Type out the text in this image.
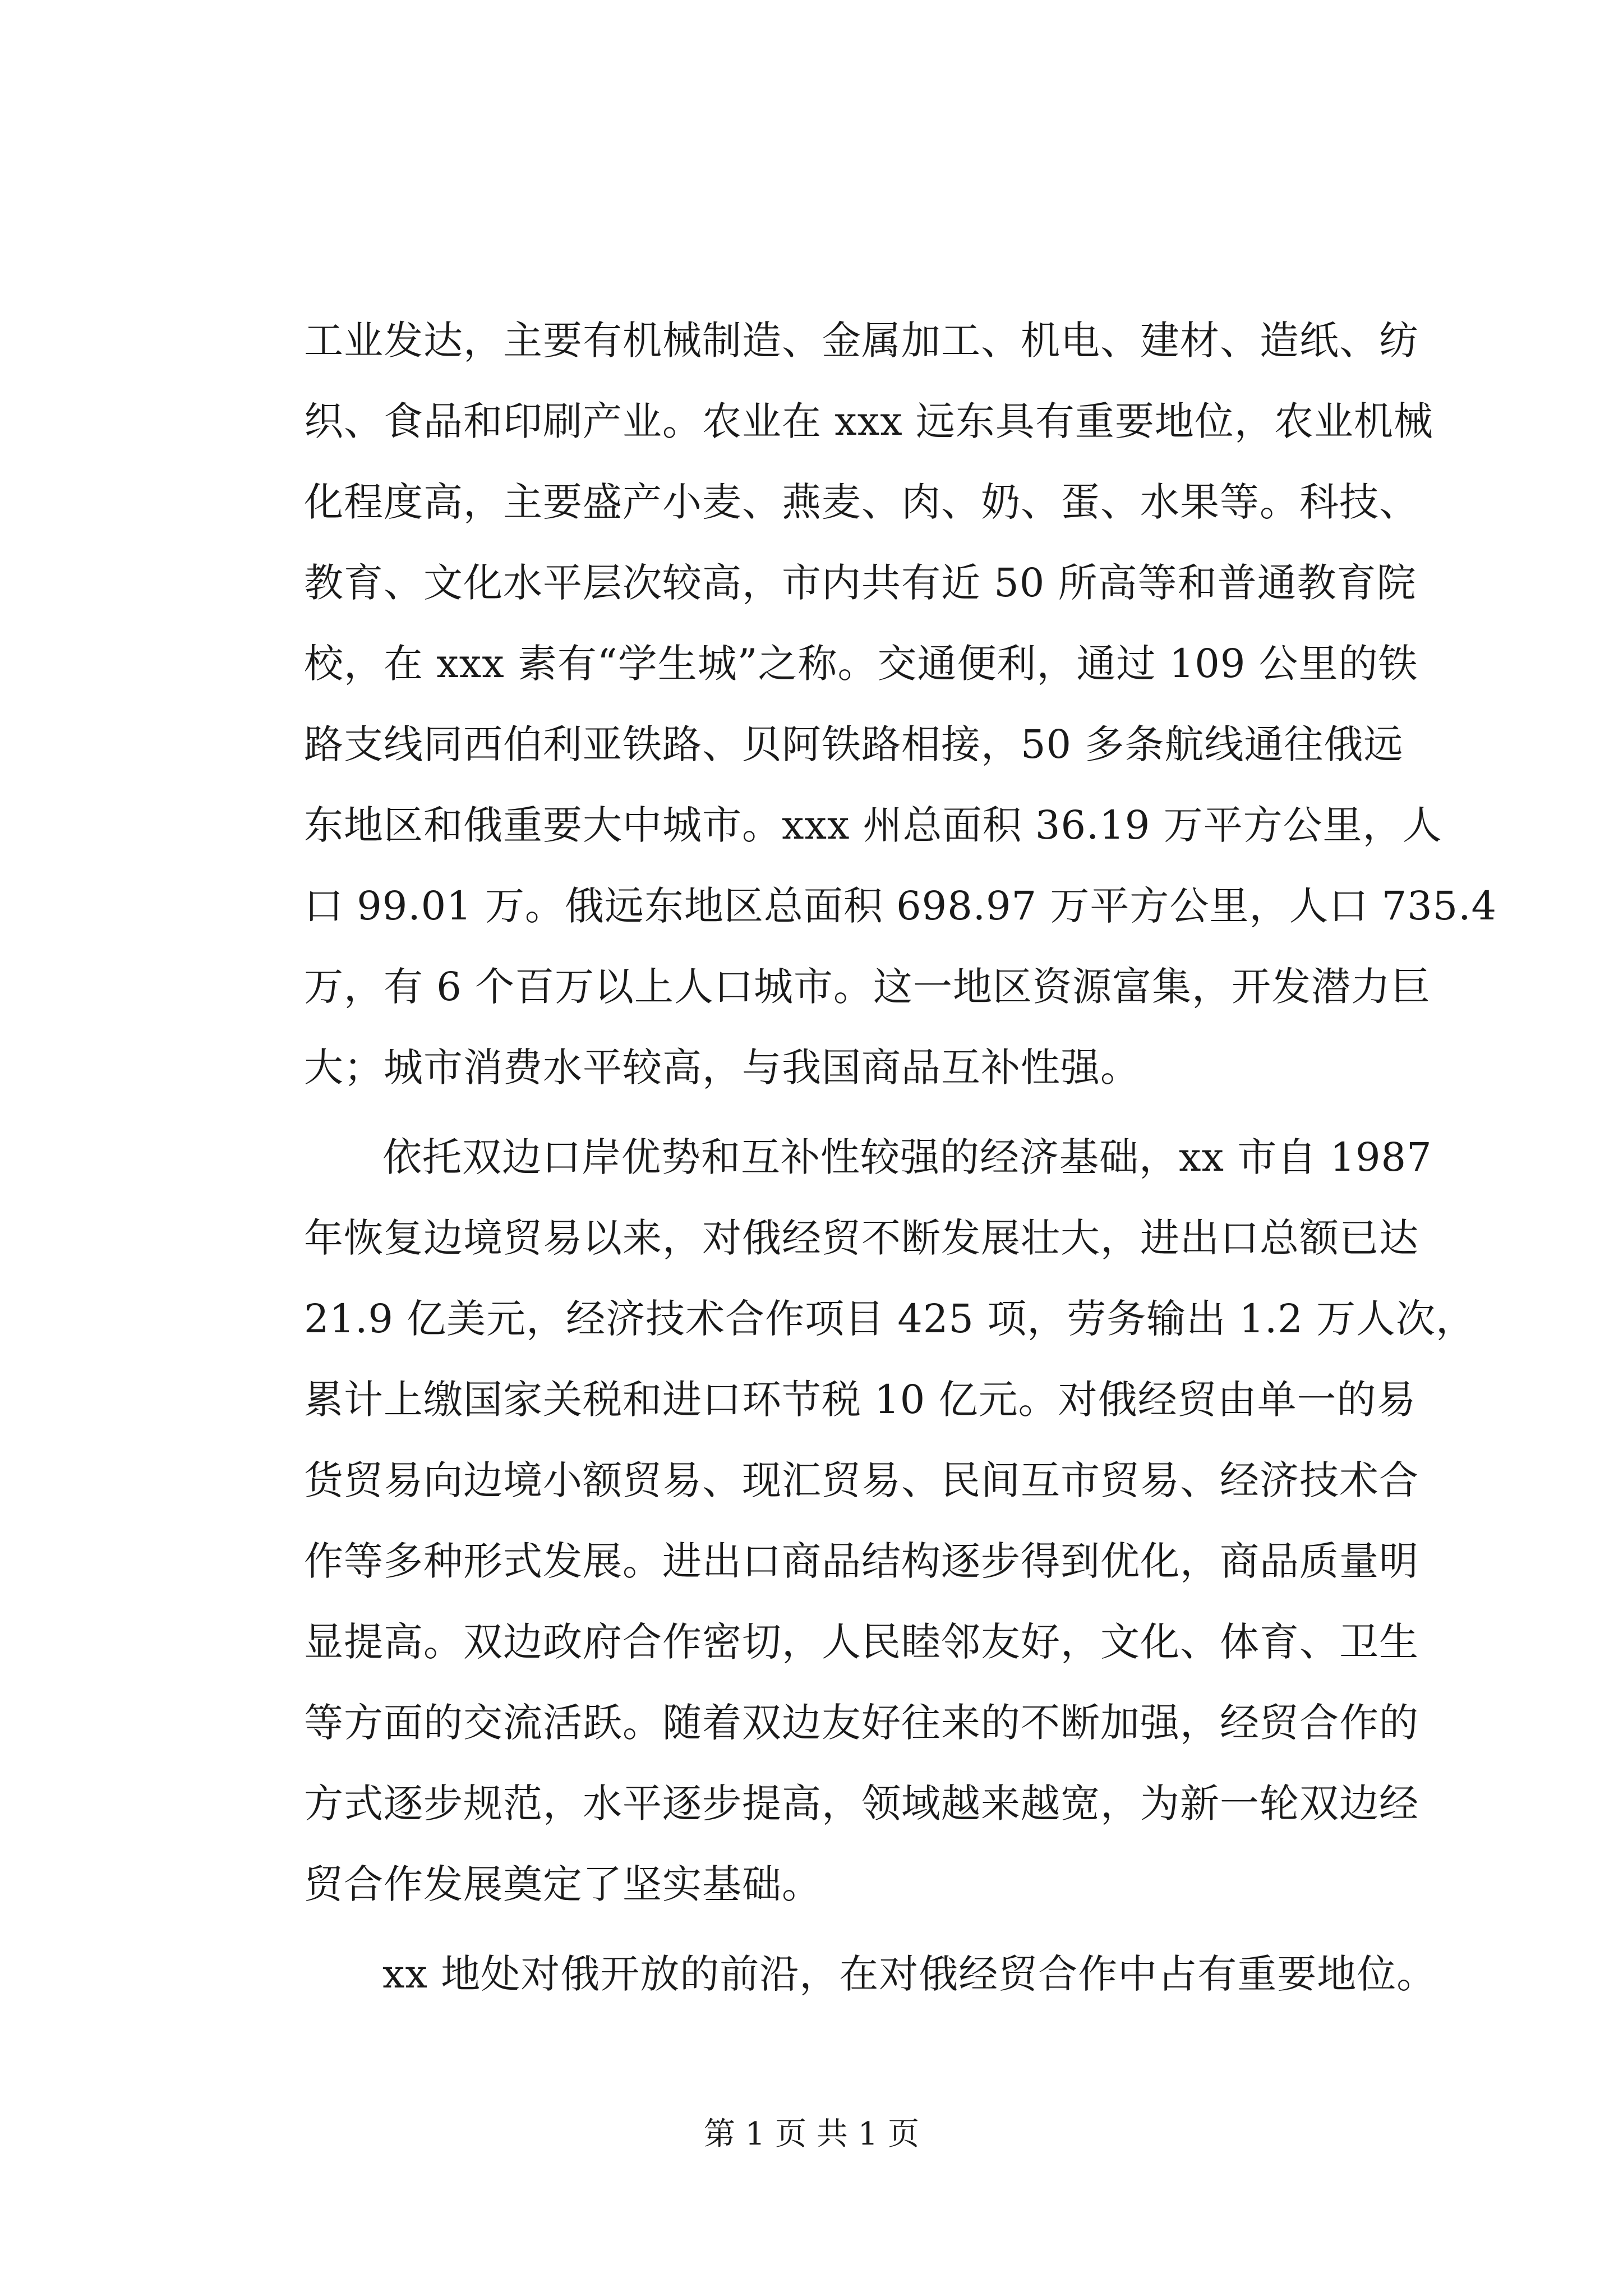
工业发达，主要有机械制造、金属加工、机电、建材、造纸、纺
织、食品和印刷产业。农业在 xxx 远东具有重要地位，农业机械
化程度高，主要盛产小麦、燕麦、肉、奶、蛋、水果等。科技、
教育、文化水平层次较高，市内共有近 50 所高等和普通教育院
校，在 xxx 素有“学生城”之称。交通便利，通过 109 公里的铁
路支线同西伯利亚铁路、贝阿铁路相接，50 多条航线通往俄远
东地区和俄重要大中城市。xxx 州总面积 36.19 万平方公里，人
口 99.01 万。俄远东地区总面积 698.97 万平方公里，人口 735.4
万，有 6 个百万以上人口城市。这一地区资源富集，开发潜力巨
大；城市消费水平较高，与我国商品互补性强。
依托双边口岸优势和互补性较强的经济基础，xx 市自 1987
年恢复边境贸易以来，对俄经贸不断发展壮大，进出口总额已达
21.9 亿美元，经济技术合作项目 425 项，劳务输出 1.2 万人次，
累计上缴国家关税和进口环节税 10 亿元。对俄经贸由单一的易
货贸易向边境小额贸易、现汇贸易、民间互市贸易、经济技术合
作等多种形式发展。进出口商品结构逐步得到优化，商品质量明
显提高。双边政府合作密切，人民睦邻友好，文化、体育、卫生
等方面的交流活跃。随着双边友好往来的不断加强，经贸合作的
方式逐步规范，水平逐步提高，领域越来越宽，为新一轮双边经
贸合作发展奠定了坚实基础。
xx 地处对俄开放的前沿，在对俄经贸合作中占有重要地位。
第 1 页 共 1 页
